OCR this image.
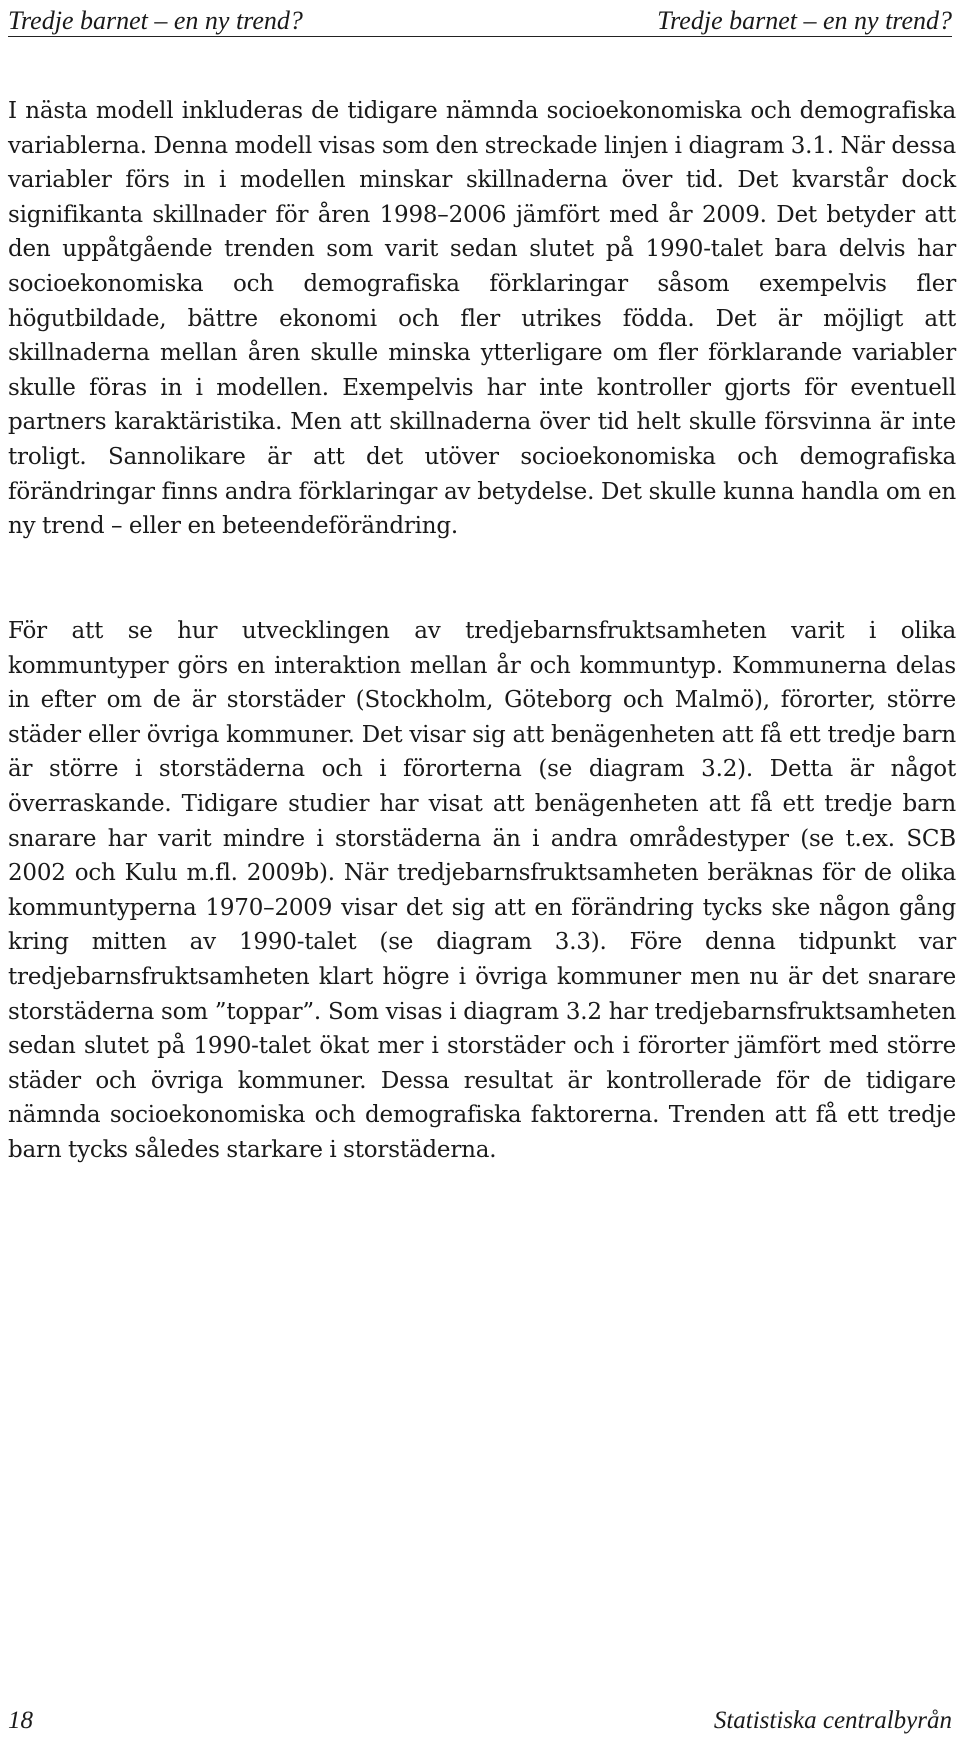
Tredje barnet – en ny trend?	Tredje barnet – en ny trend?

I nästa modell inkluderas de tidigare nämnda socioekonomiska och demografiska variablerna. Denna modell visas som den streckade linjen i diagram 3.1. När dessa variabler förs in i modellen minskar skillnaderna över tid. Det kvarstår dock signifikanta skillnader för åren 1998–2006 jämfört med år 2009. Det betyder att den uppåtgående trenden som varit sedan slutet på 1990-talet bara delvis har socioekonomiska och demografiska förklaringar såsom exempelvis fler högutbildade, bättre ekonomi och fler utrikes födda. Det är möjligt att skillnaderna mellan åren skulle minska ytterligare om fler förklarande variabler skulle föras in i modellen. Exempelvis har inte kontroller gjorts för eventuell partners karaktäristika. Men att skillnaderna över tid helt skulle försvinna är inte troligt. Sannolikare är att det utöver socioekonomiska och demografiska förändringar finns andra förklaringar av betydelse. Det skulle kunna handla om en ny trend – eller en beteendeförändring.

För att se hur utvecklingen av tredjebarnsfruktsamheten varit i olika kommuntyper görs en interaktion mellan år och kommuntyp. Kommunerna delas in efter om de är storstäder (Stockholm, Göteborg och Malmö), förorter, större städer eller övriga kommuner. Det visar sig att benägenheten att få ett tredje barn är större i storstäderna och i förorterna (se diagram 3.2). Detta är något överraskande. Tidigare studier har visat att benägenheten att få ett tredje barn snarare har varit mindre i storstäderna än i andra områdestyper (se t.ex. SCB 2002 och Kulu m.fl. 2009b). När tredjebarnsfruktsamheten beräknas för de olika kommuntyperna 1970–2009 visar det sig att en förändring tycks ske någon gång kring mitten av 1990-talet (se diagram 3.3). Före denna tidpunkt var tredjebarnsfruktsamheten klart högre i övriga kommuner men nu är det snarare storstäderna som ”toppar”. Som visas i diagram 3.2 har tredjebarnsfruktsamheten sedan slutet på 1990-talet ökat mer i storstäder och i förorter jämfört med större städer och övriga kommuner. Dessa resultat är kontrollerade för de tidigare nämnda socioekonomiska och demografiska faktorerna. Trenden att få ett tredje barn tycks således starkare i storstäderna.

18	Statistiska centralbyrån
